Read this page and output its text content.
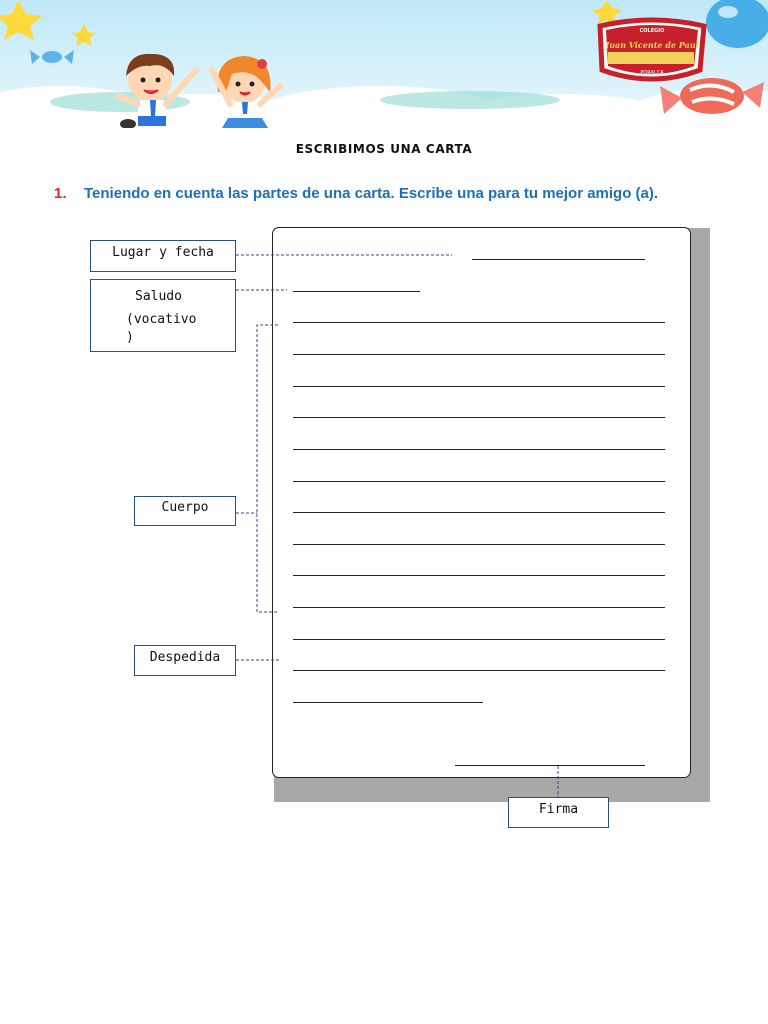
COLEGIO
Juan Vicente de Paul
PORALCA
ESCRIBIMOS UNA CARTA
1. Teniendo en cuenta las partes de una carta. Escribe una para tu mejor amigo (a).
Lugar y fecha
Saludo
(vocativo
)
Cuerpo
Despedida
Firma
